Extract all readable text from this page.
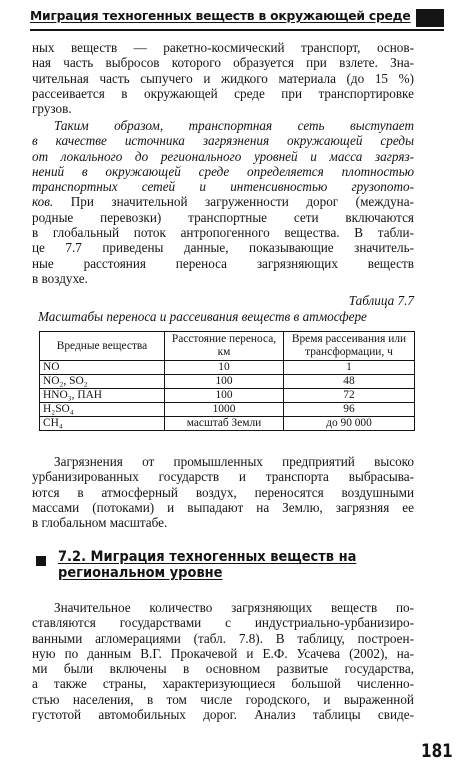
Миграция техногенных веществ в окружающей среде
ных веществ — ракетно-космический транспорт, основ-
ная часть выбросов которого образуется при взлете. Зна-
чительная часть сыпучего и жидкого материала (до 15 %)
рассеивается в окружающей среде при транспортировке
грузов.
Таким образом, транспортная сеть выступает
в качестве источника загрязнения окружающей среды
от локального до регионального уровней и масса загряз-
нений в окружающей среде определяется плотностью
транспортных сетей и интенсивностью грузопото-
ков. При значительной загруженности дорог (междуна-
родные перевозки) транспортные сети включаются
в глобальный поток антропогенного вещества. В табли-
це 7.7 приведены данные, показывающие значитель-
ные расстояния переноса загрязняющих веществ
в воздухе.
Таблица 7.7
Масштабы переноса и рассеивания веществ в атмосфере
Вредные вещества	Расстояние переноса, км	Время рассеивания или трансформации, ч
NO	10	1
NO₂, SO₂	100	48
HNO₃, ПАН	100	72
H₂SO₄	1000	96
CH₄	масштаб Земли	до 90 000
Загрязнения от промышленных предприятий высоко
урбанизированных государств и транспорта выбрасыва-
ются в атмосферный воздух, переносятся воздушными
массами (потоками) и выпадают на Землю, загрязняя ее
в глобальном масштабе.
7.2. Миграция техногенных веществ на региональном уровне
Значительное количество загрязняющих веществ по-
ставляются государствами с индустриально-урбанизиро-
ванными агломерациями (табл. 7.8). В таблицу, построен-
ную по данным В.Г. Прокачевой и Е.Ф. Усачева (2002), на-
ми были включены в основном развитые государства,
а также страны, характеризующиеся большой численно-
стью населения, в том числе городского, и выраженной
густотой автомобильных дорог. Анализ таблицы свиде-
181
